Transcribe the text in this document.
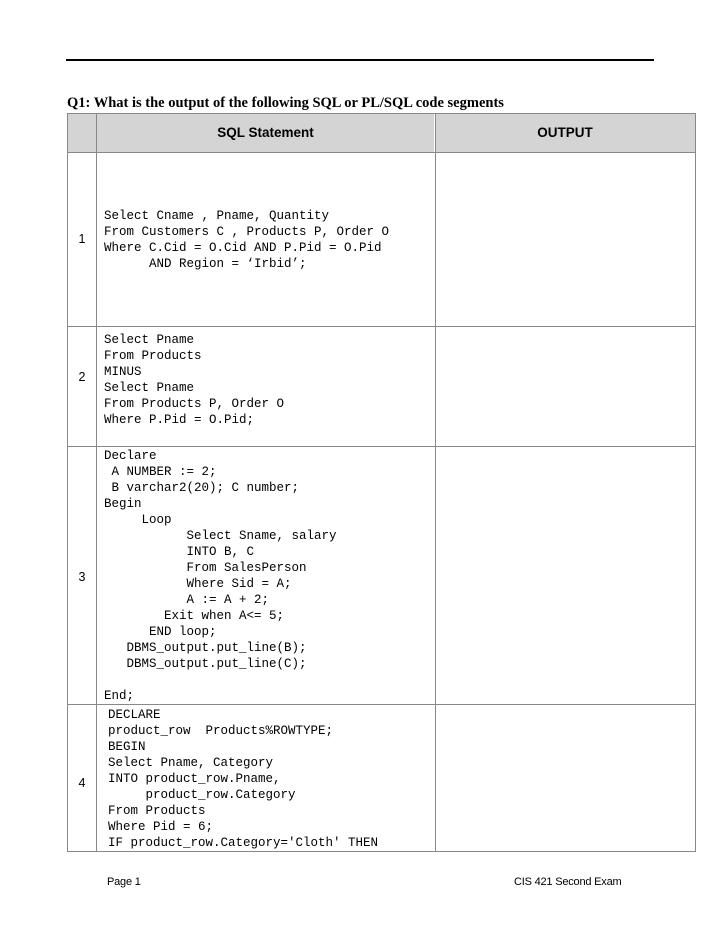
Q1: What is the output of the following SQL or PL/SQL code segments
SQL Statement	OUTPUT
1
Select Cname , Pname, Quantity
From Customers C , Products P, Order O
Where C.Cid = O.Cid AND P.Pid = O.Pid
AND Region = ‘Irbid’;
2
Select Pname
From Products
MINUS
Select Pname
From Products P, Order O
Where P.Pid = O.Pid;
3
Declare
A NUMBER := 2;
B varchar2(20); C number;
Begin
Loop
Select Sname, salary
INTO B, C
From SalesPerson
Where Sid = A;
A := A + 2;
Exit when A<= 5;
END loop;
DBMS_output.put_line(B);
DBMS_output.put_line(C);

End;
4
DECLARE
product_row  Products%ROWTYPE;
BEGIN
Select Pname, Category
INTO product_row.Pname,
product_row.Category
From Products
Where Pid = 6;
IF product_row.Category='Cloth' THEN
Page 1	CIS 421 Second Exam
